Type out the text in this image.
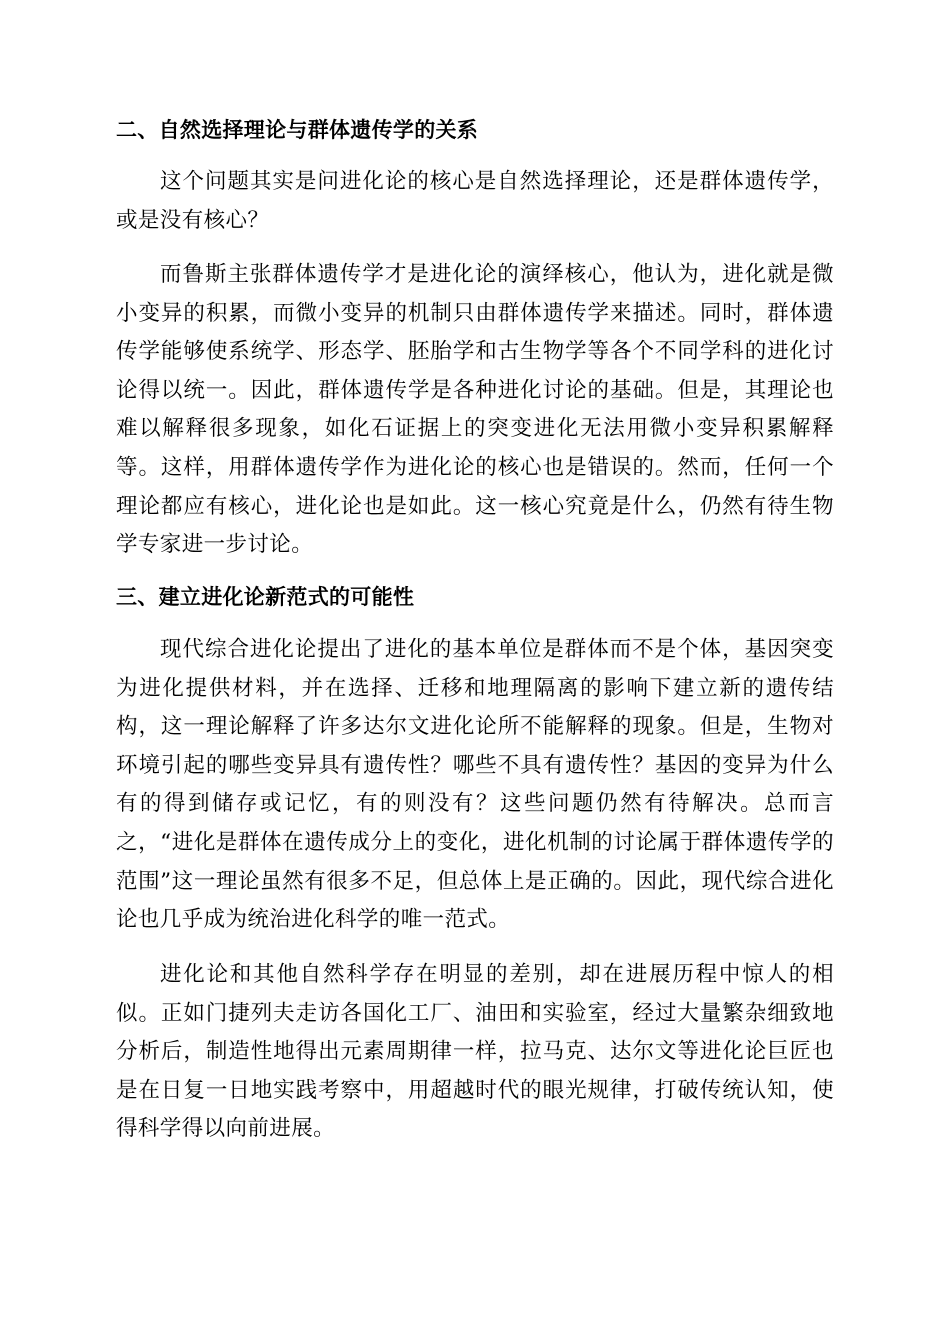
二、自然选择理论与群体遗传学的关系

这个问题其实是问进化论的核心是自然选择理论，还是群体遗传学，或是没有核心？

而鲁斯主张群体遗传学才是进化论的演绎核心，他认为，进化就是微小变异的积累，而微小变异的机制只由群体遗传学来描述。同时，群体遗传学能够使系统学、形态学、胚胎学和古生物学等各个不同学科的进化讨论得以统一。因此，群体遗传学是各种进化讨论的基础。但是，其理论也难以解释很多现象，如化石证据上的突变进化无法用微小变异积累解释等。这样，用群体遗传学作为进化论的核心也是错误的。然而，任何一个理论都应有核心，进化论也是如此。这一核心究竟是什么，仍然有待生物学专家进一步讨论。

三、建立进化论新范式的可能性

现代综合进化论提出了进化的基本单位是群体而不是个体，基因突变为进化提供材料，并在选择、迁移和地理隔离的影响下建立新的遗传结构，这一理论解释了许多达尔文进化论所不能解释的现象。但是，生物对环境引起的哪些变异具有遗传性？哪些不具有遗传性？基因的变异为什么有的得到储存或记忆，有的则没有？这些问题仍然有待解决。总而言之，“进化是群体在遗传成分上的变化，进化机制的讨论属于群体遗传学的范围”这一理论虽然有很多不足，但总体上是正确的。因此，现代综合进化论也几乎成为统治进化科学的唯一范式。

进化论和其他自然科学存在明显的差别，却在进展历程中惊人的相似。正如门捷列夫走访各国化工厂、油田和实验室，经过大量繁杂细致地分析后，制造性地得出元素周期律一样，拉马克、达尔文等进化论巨匠也是在日复一日地实践考察中，用超越时代的眼光规律，打破传统认知，使得科学得以向前进展。
